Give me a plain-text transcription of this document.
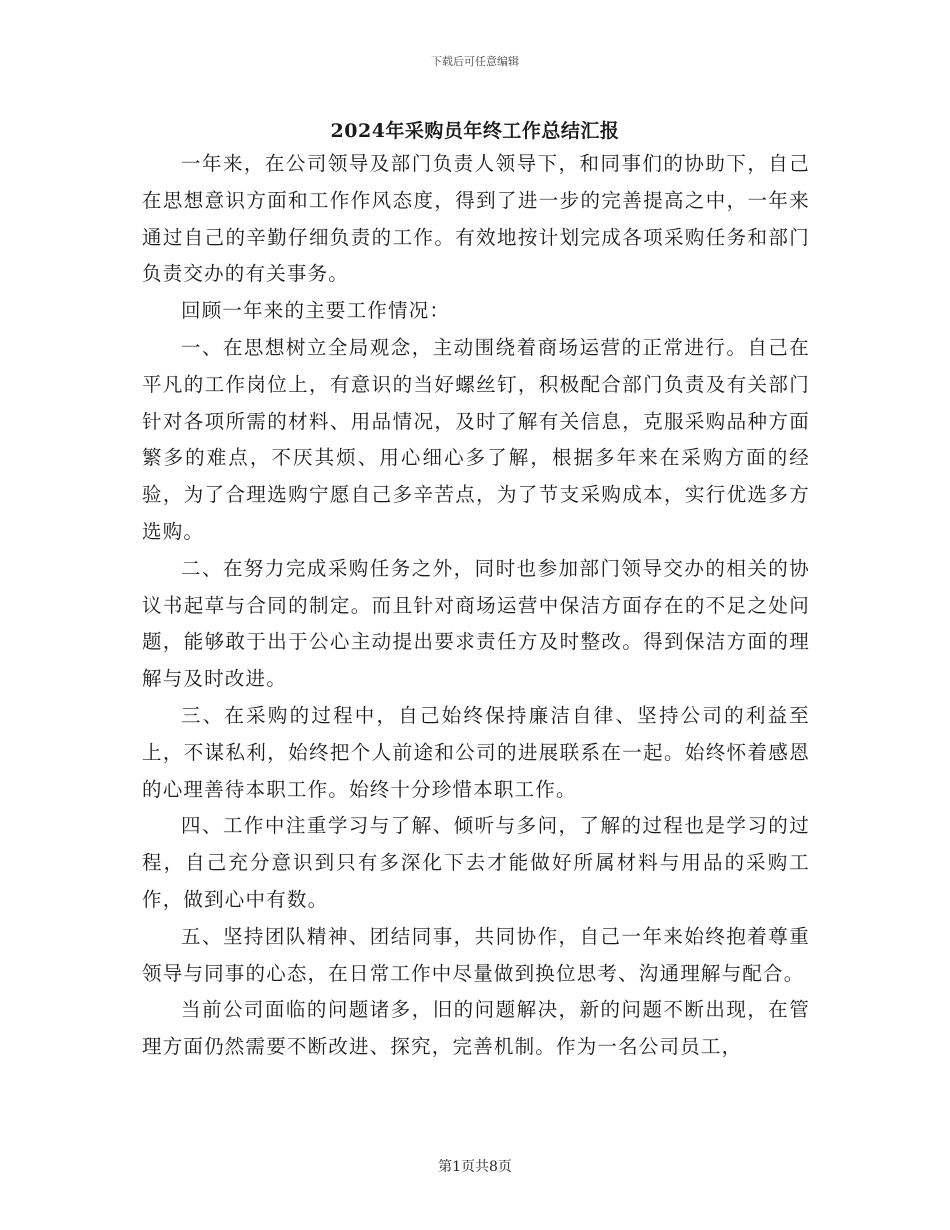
下载后可任意编辑
2024年采购员年终工作总结汇报

一年来，在公司领导及部门负责人领导下，和同事们的协助下，自己在思想意识方面和工作作风态度，得到了进一步的完善提高之中，一年来通过自己的辛勤仔细负责的工作。有效地按计划完成各项采购任务和部门负责交办的有关事务。

回顾一年来的主要工作情况：

一、在思想树立全局观念，主动围绕着商场运营的正常进行。自己在平凡的工作岗位上，有意识的当好螺丝钉，积极配合部门负责及有关部门针对各项所需的材料、用品情况，及时了解有关信息，克服采购品种方面繁多的难点，不厌其烦、用心细心多了解，根据多年来在采购方面的经验，为了合理选购宁愿自己多辛苦点，为了节支采购成本，实行优选多方选购。

二、在努力完成采购任务之外，同时也参加部门领导交办的相关的协议书起草与合同的制定。而且针对商场运营中保洁方面存在的不足之处问题，能够敢于出于公心主动提出要求责任方及时整改。得到保洁方面的理解与及时改进。

三、在采购的过程中，自己始终保持廉洁自律、坚持公司的利益至上，不谋私利，始终把个人前途和公司的进展联系在一起。始终怀着感恩的心理善待本职工作。始终十分珍惜本职工作。

四、工作中注重学习与了解、倾听与多问，了解的过程也是学习的过程，自己充分意识到只有多深化下去才能做好所属材料与用品的采购工作，做到心中有数。

五、坚持团队精神、团结同事，共同协作，自己一年来始终抱着尊重领导与同事的心态，在日常工作中尽量做到换位思考、沟通理解与配合。

当前公司面临的问题诸多，旧的问题解决，新的问题不断出现，在管理方面仍然需要不断改进、探究，完善机制。作为一名公司员工，

第1页共8页
